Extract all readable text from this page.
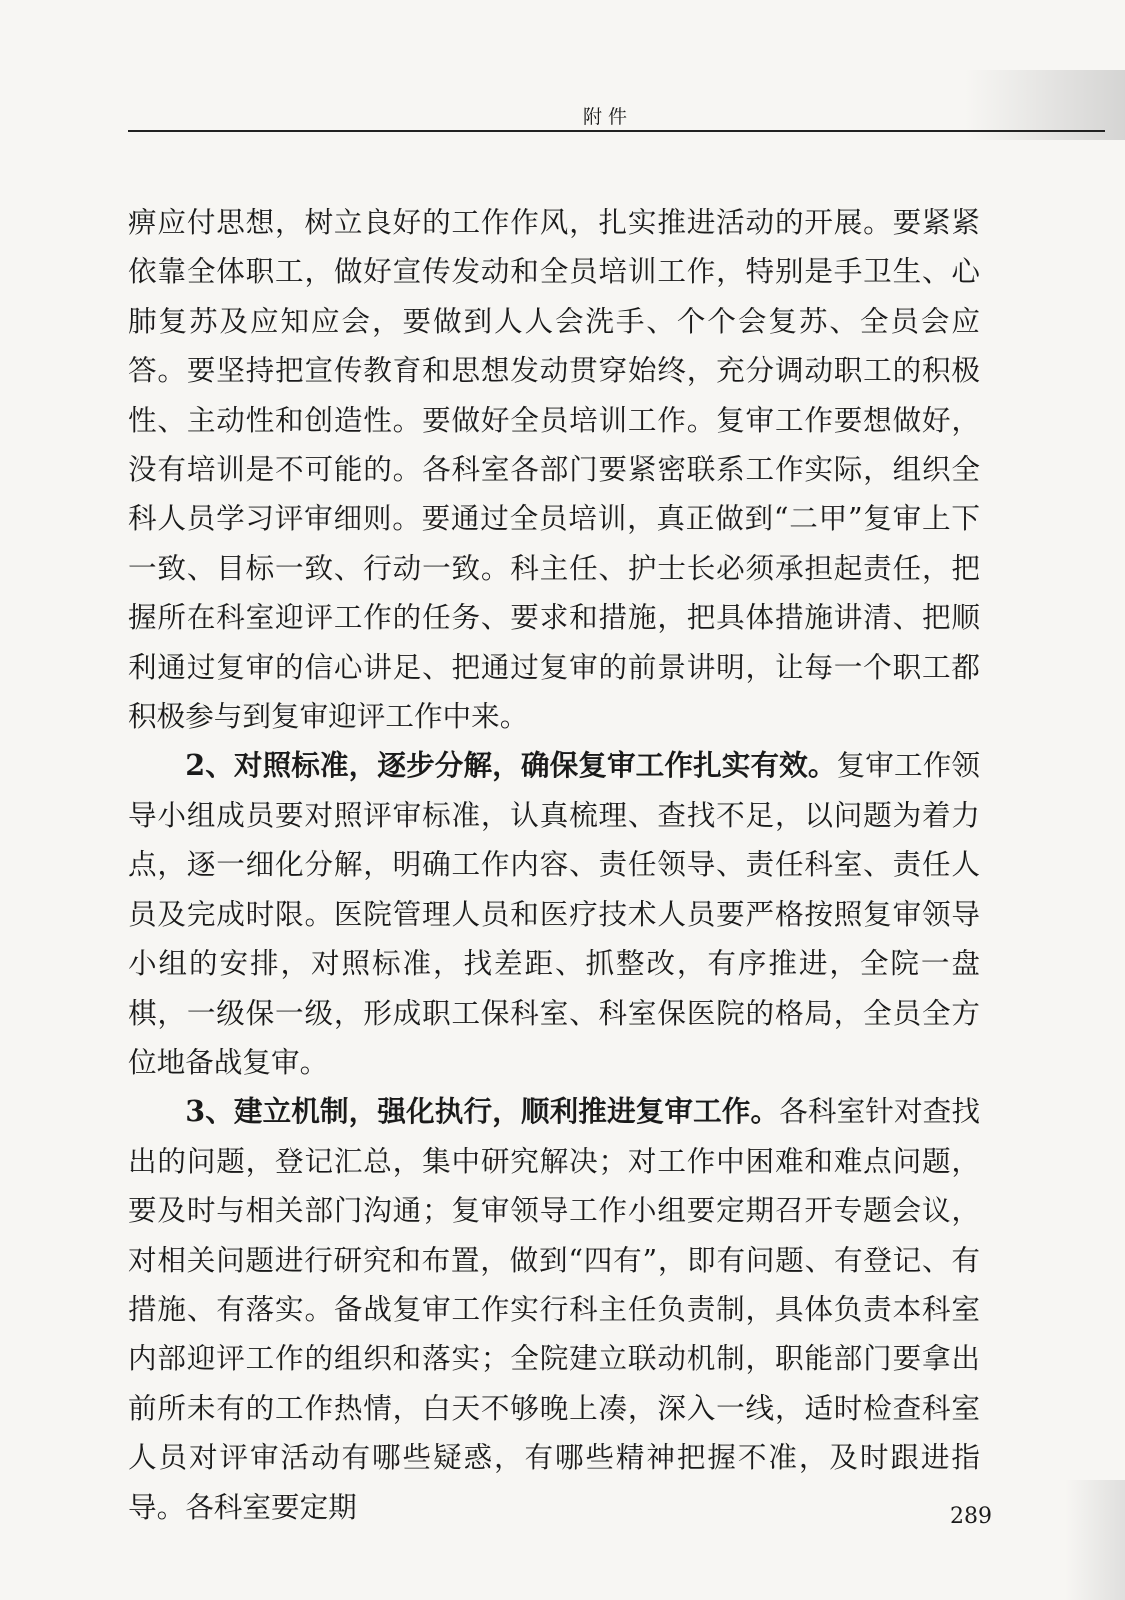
附件

痹应付思想，树立良好的工作作风，扎实推进活动的开展。要紧紧依靠全体职工，做好宣传发动和全员培训工作，特别是手卫生、心肺复苏及应知应会，要做到人人会洗手、个个会复苏、全员会应答。要坚持把宣传教育和思想发动贯穿始终，充分调动职工的积极性、主动性和创造性。要做好全员培训工作。复审工作要想做好，没有培训是不可能的。各科室各部门要紧密联系工作实际，组织全科人员学习评审细则。要通过全员培训，真正做到“二甲”复审上下一致、目标一致、行动一致。科主任、护士长必须承担起责任，把握所在科室迎评工作的任务、要求和措施，把具体措施讲清、把顺利通过复审的信心讲足、把通过复审的前景讲明，让每一个职工都积极参与到复审迎评工作中来。

2、对照标准，逐步分解，确保复审工作扎实有效。复审工作领导小组成员要对照评审标准，认真梳理、查找不足，以问题为着力点，逐一细化分解，明确工作内容、责任领导、责任科室、责任人员及完成时限。医院管理人员和医疗技术人员要严格按照复审领导小组的安排，对照标准，找差距、抓整改，有序推进，全院一盘棋，一级保一级，形成职工保科室、科室保医院的格局，全员全方位地备战复审。

3、建立机制，强化执行，顺利推进复审工作。各科室针对查找出的问题，登记汇总，集中研究解决；对工作中困难和难点问题，要及时与相关部门沟通；复审领导工作小组要定期召开专题会议，对相关问题进行研究和布置，做到“四有”，即有问题、有登记、有措施、有落实。备战复审工作实行科主任负责制，具体负责本科室内部迎评工作的组织和落实；全院建立联动机制，职能部门要拿出前所未有的工作热情，白天不够晚上凑，深入一线，适时检查科室人员对评审活动有哪些疑惑，有哪些精神把握不准，及时跟进指导。各科室要定期	289
